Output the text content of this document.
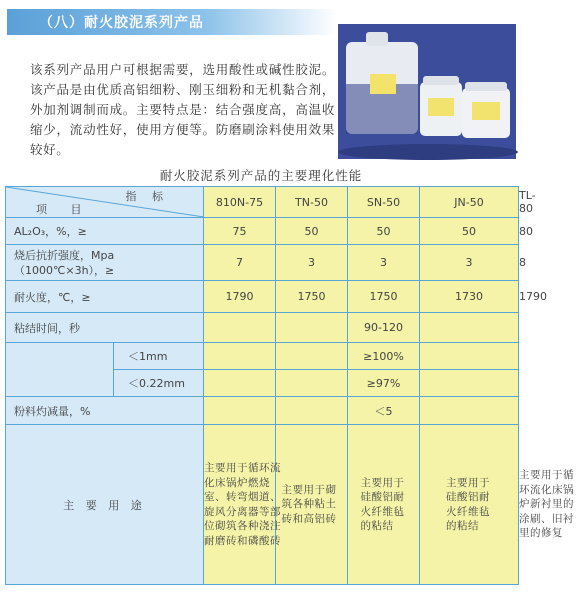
（八）耐火胶泥系列产品
该系列产品用户可根据需要，选用酸性或碱性胶泥。该产品是由优质高铝细粉、刚玉细粉和无机黏合剂，外加剂调制而成。主要特点是：结合强度高，高温收缩少，流动性好，使用方便等。防磨刷涂料使用效果较好。
耐火胶泥系列产品的主要理化性能
指 标
项 目		810N-75	TN-50	SN-50	JN-50	TL-80
AL₂O₃，%，≥		75	50	50	50	80
烧后抗折强度，Mpa
（1000℃×3h），≥		7	3	3	3	8
耐火度，℃，≥		1790	1750	1750	1730	1790
粘结时间，秒				90-120		
	＜1mm			≥100%		
	＜0.22mm			≥97%		
粉料灼减量，%				＜5		
主 要 用 途		主要用于循环流化床锅炉燃烧室、转弯烟道、旋风分离器等部位砌筑各种浇注耐磨砖和磷酸砖	主要用于砌筑各种粘土砖和高铝砖	主要用于硅酸铝耐火纤维毡的粘结	主要用于硅酸铝耐火纤维毡的粘结	主要用于循环流化床锅炉新衬里的涂刷、旧衬里的修复
